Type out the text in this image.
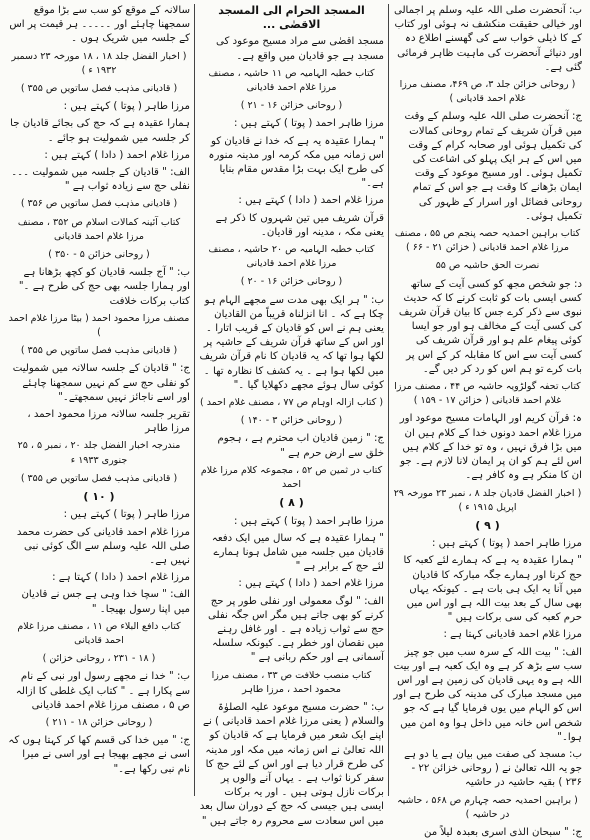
ب: آنحضرت صلی اللہ علیہ وسلم پر اجمالی اور خیالی حقیقت منکشف نہ ہوئی اور کتاب کے کا ذیلی خواب سے کی گھسنے اطلاع دہ اور دنیائے آنحضرت کی ماہیت ظاہر فرمائی گئی ہے۔
( روحانی خزائن جلد ۳، ص ۴۶۹، مصنف مرزا غلام احمد قادیانی )
ج: آنحضرت صلی اللہ علیہ وسلم کے وقت میں قرآن شریف کے تمام روحانی کمالات کی تکمیل ہوئی اور صحابہ کرام کے وقت میں اس کے ہر ایک پہلو کی اشاعت کی تکمیل ہوئی۔ اور مسیح موعود کے وقت ایمان بڑھانے کا وقت ہے جو اس کے تمام روحانی فضائل اور اسرار کے ظہور کی تکمیل ہوئی۔
کتاب براہین احمدیہ حصہ پنجم ص ۵۵ ، مصنف مرزا غلام احمد قادیانی ( خزائن ۲۱ - ۶۶ )
نصرت الحق حاشیہ ص ۵۵
د: جو شخص مجھ کو کسی آیت کے ساتھ کسی ایسی بات کو ثابت کرنے کا کہ حدیث نبوی سے ذکر کرے جس کا بیان قرآن شریف کی کسی آیت کے مخالف ہو اور جو ایسا کوئی پیغام علم ہو اور قرآن شریف کی کسی آیت سے اس کا مقابلہ کر کے اس پر بات کرے تو ہم اس کو رد کر دیں گے۔
کتاب تحفہ گولڑویہ حاشیہ ص ۴۴ ، مصنف مرزا غلام احمد قادیانی ( خزائن ۱۷ - ۱۵۹ )
ہ: قرآن کریم اور الہامات مسیح موعود اور مرزا غلام احمد دونوں خدا کے کلام ہیں ان میں بڑا فرق نہیں ، وہ تو خدا کے کلام ہیں اس لئے ہم کو ان پر ایمان لانا لازم ہے۔ جو ان کا منکر ہے وہ کافر ہے۔
( اخبار الفضل قادیان جلد ۸ ، نمبر ۲۳ مورخہ ۲۹ اپریل ۱۹۱۵ ء )
( ۹ )
مرزا طاہر احمد ( پوتا ) کہتے ہیں :
" ہمارا عقیدہ یہ ہے کہ ہمارے لئے کعبہ کا حج کرنا اور ہمارے جگہ مبارکہ کا قادیان میں آنا یہ ایک ہی بات ہے ۔ کیونکہ یہاں بھی سال کے بعد بیت اللہ ہے اور اس میں حرم کعبہ کی سی برکات ہیں "
مرزا غلام احمد قادیانی کہتا ہے :
الف: " بیت اللہ کے سرہ سب میں جو چیز سب سے بڑھ کر ہے وہ ایک کعبہ ہے اور بیت اللہ ہے وہ یہی قادیان کی زمین ہے اور اس میں مسجد مبارک کی مدینہ کی طرح ہے اور اس کو الہام میں یوں فرمایا گیا ہے کہ جو شخص اس خانہ میں داخل ہوا وہ امن میں ہوا۔"
ب: مسجد کی صفت میں بیان ہے یا دو ہے جو یہ اللہ تعالیٰ نے ( روحانی خزائن ۲۲ - ۲۳۶ ) بقیہ حاشیہ در حاشیہ
( براہین احمدیہ حصہ چہارم ص ۵۶۸ ، حاشیہ در حاشیہ )
ج: " سبحان الذی اسری بعبدہ لیلاً من
المسجد الحرام الی المسجد الاقصٰی ...
مسجد اقصٰی سے مراد مسیح موعود کی مسجد ہے جو قادیان میں واقع ہے۔
کتاب خطبہ الہامیہ ص ۱۱ حاشیہ ، مصنف مرزا غلام احمد قادیانی
( روحانی خزائن ۱۶ - ۲۱ )
مرزا طاہر احمد ( پوتا ) کہتے ہیں :
" ہمارا عقیدہ یہ ہے کہ خدا نے قادیان کو اس زمانہ میں مکہ کرمہ اور مدینہ منورہ کی طرح ایک بہت بڑا مقدس مقام بنایا ہے۔"
مرزا غلام احمد ( دادا ) کہتے ہیں :
قرآن شریف میں تین شہروں کا ذکر ہے یعنی مکہ ، مدینہ اور قادیان۔
کتاب خطبہ الہامیہ ص ۲۰ حاشیہ ، مصنف مرزا غلام احمد قادیانی
( روحانی خزائن ۱۶ - ۲۰ )
ب: " ہر ایک بھی مدت سے مجھے الہام ہو چکا ہے کہ ۔ انا انزلناہ قریباً من القادیان یعنی ہم نے اس کو قادیان کے قریب اتارا ۔ اور اس کے ساتھ قرآن شریف کے حاشیہ پر لکھا ہوا تھا کہ یہ قادیان کا نام قرآن شریف میں لکھا ہوا ہے ۔ یہ کشف کا نظارہ تھا ۔ کوئی سال ہوئے مجھے دکھلایا گیا ۔"
( کتاب ازالہ اوہام ص ۷۷ ، مصنف غلام احمد )
( روحانی خزائن ۳ - ۱۴۰ )
ج: " زمین قادیان اب محترم ہے ، ہجوم خلق سے ارض حرم ہے "
کتاب در ثمین ص ۵۲ ، مجموعہ کلام مرزا غلام احمد
( ۸ )
مرزا طاہر احمد ( پوتا ) کہتے ہیں :
" ہمارا عقیدہ ہے کہ سال میں ایک دفعہ قادیان میں جلسہ میں شامل ہونا ہمارے لئے حج کے برابر ہے "
مرزا غلام احمد ( دادا ) کہتے ہیں :
الف: " لوگ معمولی اور نفلی طور پر حج کرنے کو بھی جاتے ہیں مگر اس جگہ نفلی حج سے ثواب زیادہ ہے ۔ اور غافل رہنے میں نقصان اور خطر ہے۔ کیونکہ سلسلہ آسمانی ہے اور حکم ربانی ہے "
کتاب منصب خلافت ص ۳۳ ، مصنف مرزا محمود احمد ، مرزا طاہر
ب: " حضرت مسیح موعود علیہ الصلوٰۃ والسلام ( یعنی مرزا غلام احمد قادیانی ) نے اپنے ایک شعر میں فرمایا ہے کہ قادیان کو اللہ تعالیٰ نے اس زمانہ میں مکہ اور مدینہ کی طرح قرار دیا ہے اور اس کے لئے حج کا سفر کرنا ثواب ہے ۔ یہاں آنے والوں پر برکات نازل ہوتی ہیں ۔ اور یہ برکات ایسی ہیں جیسی کہ حج کے دوران سال بعد میں اس سعادت سے محروم رہ جاتے ہیں "
سالانہ کے موقع کو سب سے بڑا موقع سمجھنا چاہئے اور ۔۔۔۔۔ ہر قیمت پر اس کے جلسہ میں شریک ہوں ۔
( اخبار الفضل جلد ۱۸ ، ۱۸ مورخہ ۲۳ دسمبر ۱۹۳۲ ء )
( قادیانی مذہب فصل ساتویں ص ۳۵۵ )
مرزا طاہر ( پوتا ) کہتے ہیں :
ہمارا عقیدہ ہے کہ حج کی بجائے قادیان جا کر جلسہ میں شمولیت ہو جائے ۔
مرزا غلام احمد ( دادا ) کہتے ہیں :
الف: " قادیان کے جلسہ میں شمولیت ۔۔۔ نفلی حج سے زیادہ ثواب ہے "
( قادیانی مذہب فصل ساتویں ص ۳۵۶ )
کتاب آئینہ کمالات اسلام ص ۳۵۲ ، مصنف مرزا غلام احمد قادیانی
( روحانی خزائن ۵ - ۳۵۰ )
ب: " آج جلسہ قادیان کو کچھ بڑھانا ہے اور ہمارا جلسہ بھی حج کی طرح ہے ۔" کتاب برکات خلافت
مصنف مرزا محمود احمد ( بیٹا مرزا غلام احمد )
( قادیانی مذہب فصل ساتویں ص ۳۵۵ )
ج: " قادیان کے جلسہ سالانہ میں شمولیت کو نفلی حج سے کم نہیں سمجھنا چاہئے اور اسے ناجائز نہیں سمجھتے۔"
تقریر جلسہ سالانہ مرزا محمود احمد ، مرزا طاہر
مندرجہ اخبار الفضل جلد ۲۰ ، نمبر ۵ ، ۲۵ جنوری ۱۹۳۳ ء
( قادیانی مذہب فصل ساتویں ص ۳۵۵ )
( ۱۰ )
مرزا طاہر ( پوتا ) کہتے ہیں :
مرزا غلام احمد قادیانی کی حضرت محمد صلی اللہ علیہ وسلم سے الگ کوئی نبی نہیں ہے۔
مرزا غلام احمد ( دادا ) کہتا ہے :
الف: " سچا خدا وہی ہے جس نے قادیان میں اپنا رسول بھیجا۔ "
کتاب دافع البلاء ص ۱۱ ، مصنف مرزا غلام احمد قادیانی
( ۱۸ - ۲۳۱ ، روحانی خزائن )
ب: " خدا نے مجھے رسول اور نبی کے نام سے پکارا ہے ۔ " کتاب ایک غلطی کا ازالہ ص ۵ ، مصنف مرزا غلام احمد قادیانی
( روحانی خزائن ۱۸ - ۲۱۱ )
ج: " میں خدا کی قسم کھا کر کہتا ہوں کہ اسی نے مجھے بھیجا ہے اور اسی نے میرا نام نبی رکھا ہے۔"
